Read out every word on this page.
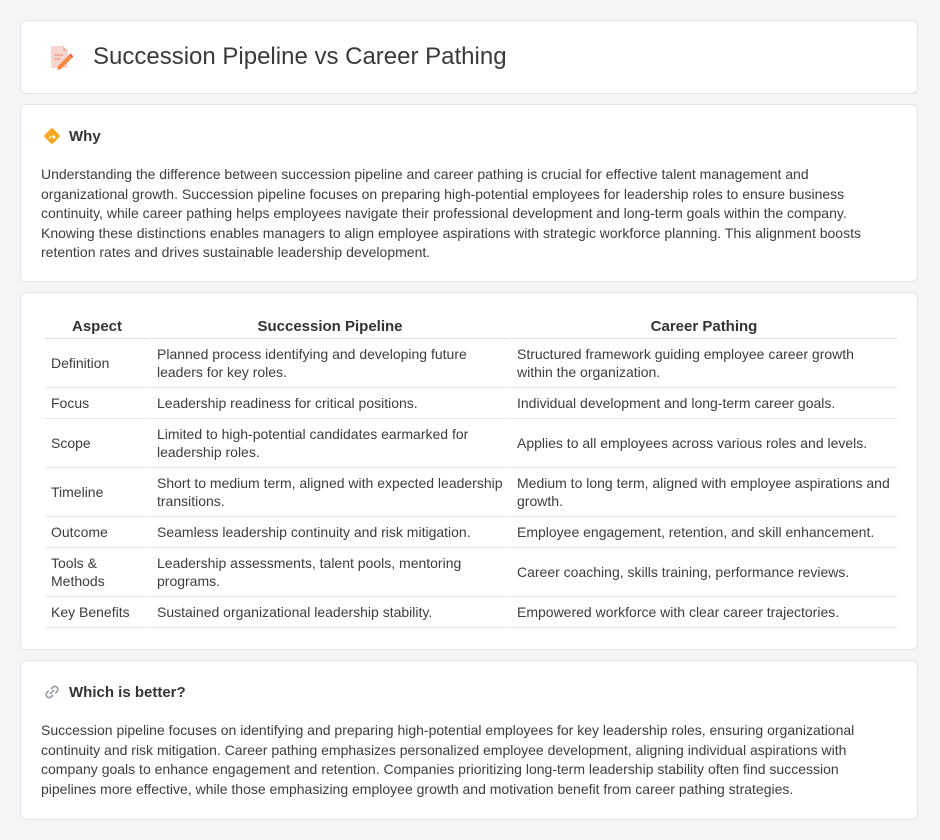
Succession Pipeline vs Career Pathing
Why

Understanding the difference between succession pipeline and career pathing is crucial for effective talent management and organizational growth. Succession pipeline focuses on preparing high-potential employees for leadership roles to ensure business continuity, while career pathing helps employees navigate their professional development and long-term goals within the company. Knowing these distinctions enables managers to align employee aspirations with strategic workforce planning. This alignment boosts retention rates and drives sustainable leadership development.

Aspect	Succession Pipeline	Career Pathing
Definition	Planned process identifying and developing future leaders for key roles.	Structured framework guiding employee career growth within the organization.
Focus	Leadership readiness for critical positions.	Individual development and long-term career goals.
Scope	Limited to high-potential candidates earmarked for leadership roles.	Applies to all employees across various roles and levels.
Timeline	Short to medium term, aligned with expected leadership transitions.	Medium to long term, aligned with employee aspirations and growth.
Outcome	Seamless leadership continuity and risk mitigation.	Employee engagement, retention, and skill enhancement.
Tools & Methods	Leadership assessments, talent pools, mentoring programs.	Career coaching, skills training, performance reviews.
Key Benefits	Sustained organizational leadership stability.	Empowered workforce with clear career trajectories.
Which is better?

Succession pipeline focuses on identifying and preparing high-potential employees for key leadership roles, ensuring organizational continuity and risk mitigation. Career pathing emphasizes personalized employee development, aligning individual aspirations with company goals to enhance engagement and retention. Companies prioritizing long-term leadership stability often find succession pipelines more effective, while those emphasizing employee growth and motivation benefit from career pathing strategies.
